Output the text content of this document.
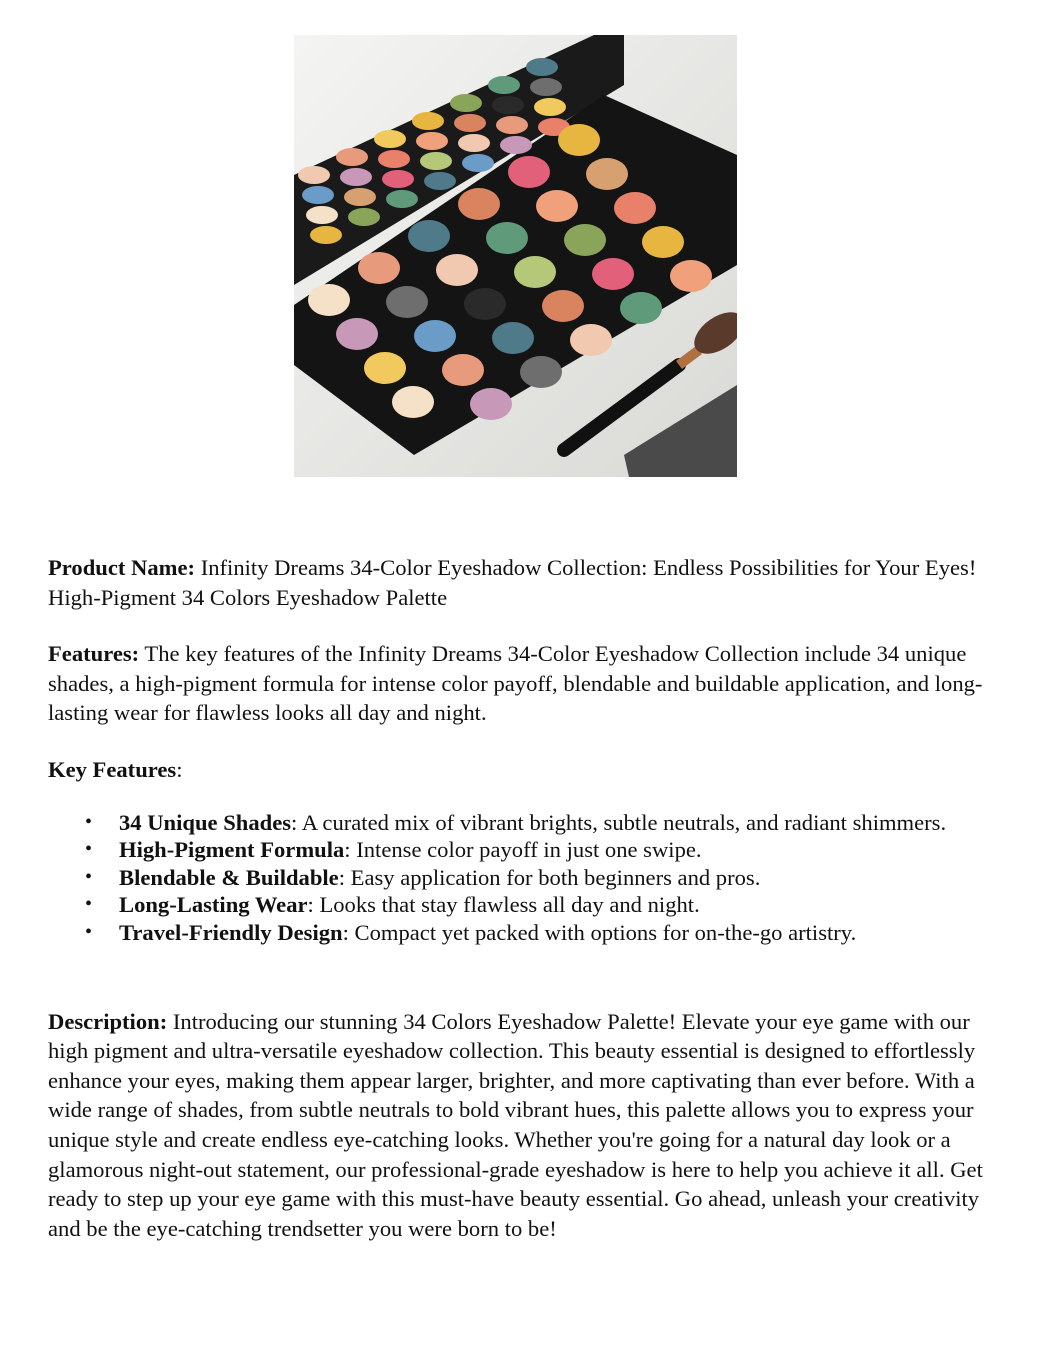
Product Name: Infinity Dreams 34-Color Eyeshadow Collection: Endless Possibilities for Your Eyes! High-Pigment 34 Colors Eyeshadow Palette

Features: The key features of the Infinity Dreams 34-Color Eyeshadow Collection include 34 unique shades, a high-pigment formula for intense color payoff, blendable and buildable application, and long-lasting wear for flawless looks all day and night.

Key Features:

• 34 Unique Shades: A curated mix of vibrant brights, subtle neutrals, and radiant shimmers.
• High-Pigment Formula: Intense color payoff in just one swipe.
• Blendable & Buildable: Easy application for both beginners and pros.
• Long-Lasting Wear: Looks that stay flawless all day and night.
• Travel-Friendly Design: Compact yet packed with options for on-the-go artistry.

Description: Introducing our stunning 34 Colors Eyeshadow Palette! Elevate your eye game with our high pigment and ultra-versatile eyeshadow collection. This beauty essential is designed to effortlessly enhance your eyes, making them appear larger, brighter, and more captivating than ever before. With a wide range of shades, from subtle neutrals to bold vibrant hues, this palette allows you to express your unique style and create endless eye-catching looks. Whether you're going for a natural day look or a glamorous night-out statement, our professional-grade eyeshadow is here to help you achieve it all. Get ready to step up your eye game with this must-have beauty essential. Go ahead, unleash your creativity and be the eye-catching trendsetter you were born to be!
